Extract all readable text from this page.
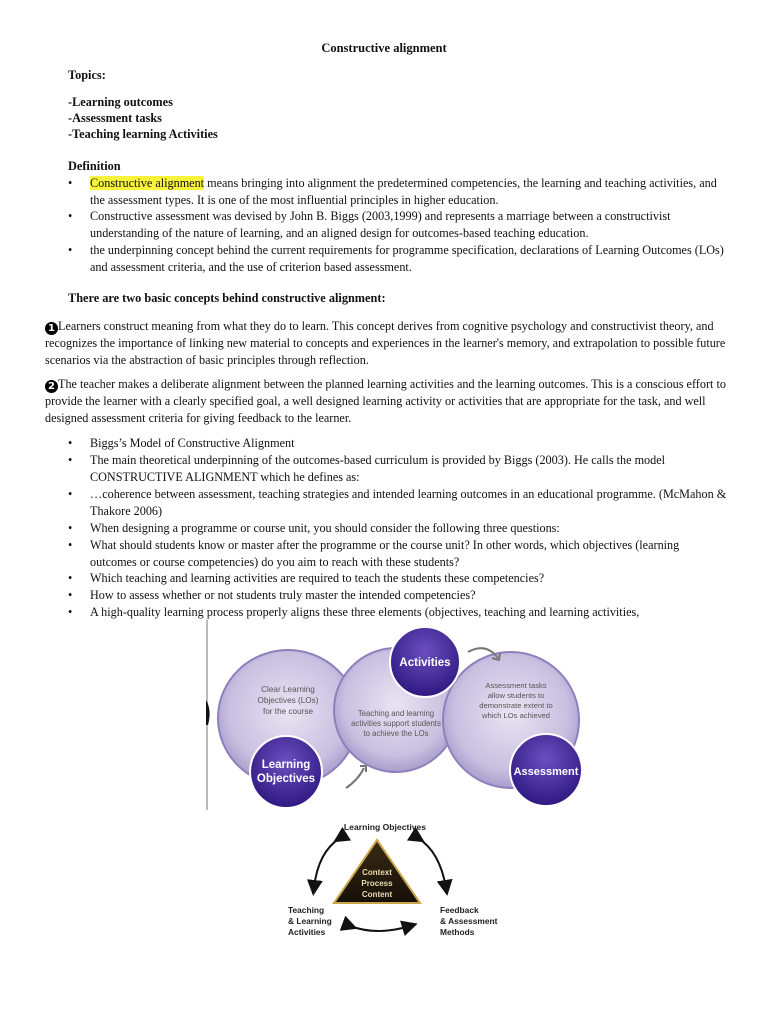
Constructive alignment
Topics:
-Learning outcomes
-Assessment tasks
-Teaching learning Activities
Definition
• Constructive alignment means bringing into alignment the predetermined competencies, the learning and teaching activities, and the assessment types. It is one of the most influential principles in higher education.
• Constructive assessment was devised by John B. Biggs (2003,1999) and represents a marriage between a constructivist understanding of the nature of learning, and an aligned design for outcomes-based teaching education.
• the underpinning concept behind the current requirements for programme specification, declarations of Learning Outcomes (LOs) and assessment criteria, and the use of criterion based assessment.
There are two basic concepts behind constructive alignment:
1 Learners construct meaning from what they do to learn. This concept derives from cognitive psychology and constructivist theory, and recognizes the importance of linking new material to concepts and experiences in the learner's memory, and extrapolation to possible future scenarios via the abstraction of basic principles through reflection.
2 The teacher makes a deliberate alignment between the planned learning activities and the learning outcomes. This is a conscious effort to provide the learner with a clearly specified goal, a well designed learning activity or activities that are appropriate for the task, and well designed assessment criteria for giving feedback to the learner.
• Biggs’s Model of Constructive Alignment
• The main theoretical underpinning of the outcomes-based curriculum is provided by Biggs (2003). He calls the model CONSTRUCTIVE ALIGNMENT which he defines as:
• …coherence between assessment, teaching strategies and intended learning outcomes in an educational programme. (McMahon & Thakore 2006)
• When designing a programme or course unit, you should consider the following three questions:
• What should students know or master after the programme or the course unit? In other words, which objectives (learning outcomes or course competencies) do you aim to reach with these students?
• Which teaching and learning activities are required to teach the students these competencies?
• How to assess whether or not students truly master the intended competencies?
• A high-quality learning process properly aligns these three elements (objectives, teaching and learning activities,
Clear Learning
Objectives (LOs)
for the course	Teaching and learning
activities support students
to achieve the LOs
Assessment tasks
allow students to
demonstrate extent to
which LOs achieved
Learning
Objectives
Activities
Assessment
Learning Objectives
Context
Process
Content
Teaching
& Learning
Activities
Feedback
& Assessment
Methods
